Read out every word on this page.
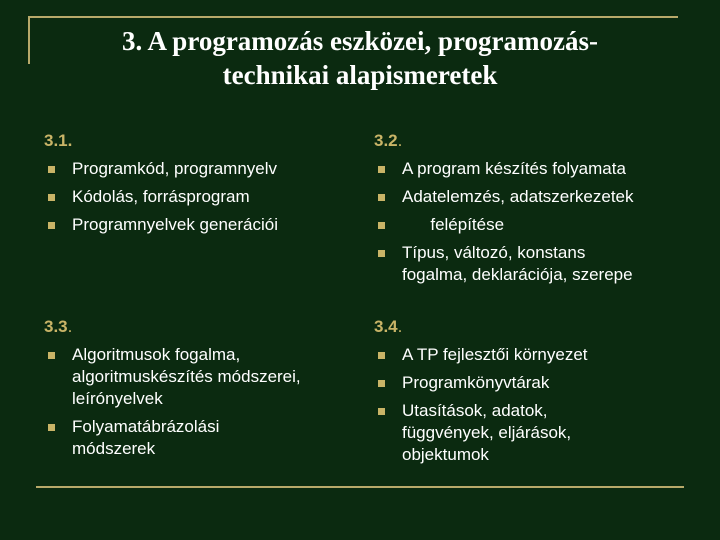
3. A programozás eszközei, programozás-
technikai alapismeretek
3.1.
Programkód, programnyelv
Kódolás, forrásprogram
Programnyelvek generációi
3.2.
A program készítés folyamata
Adatelemzés, adatszerkezetek
felépítése
Típus, változó, konstans fogalma, deklarációja, szerepe
3.3.
Algoritmusok fogalma, algoritmuskészítés módszerei, leírónyelvek
Folyamatábrázolási módszerek
3.4.
A TP fejlesztői környezet
Programkönyvtárak
Utasítások, adatok, függvények, eljárások, objektumok
